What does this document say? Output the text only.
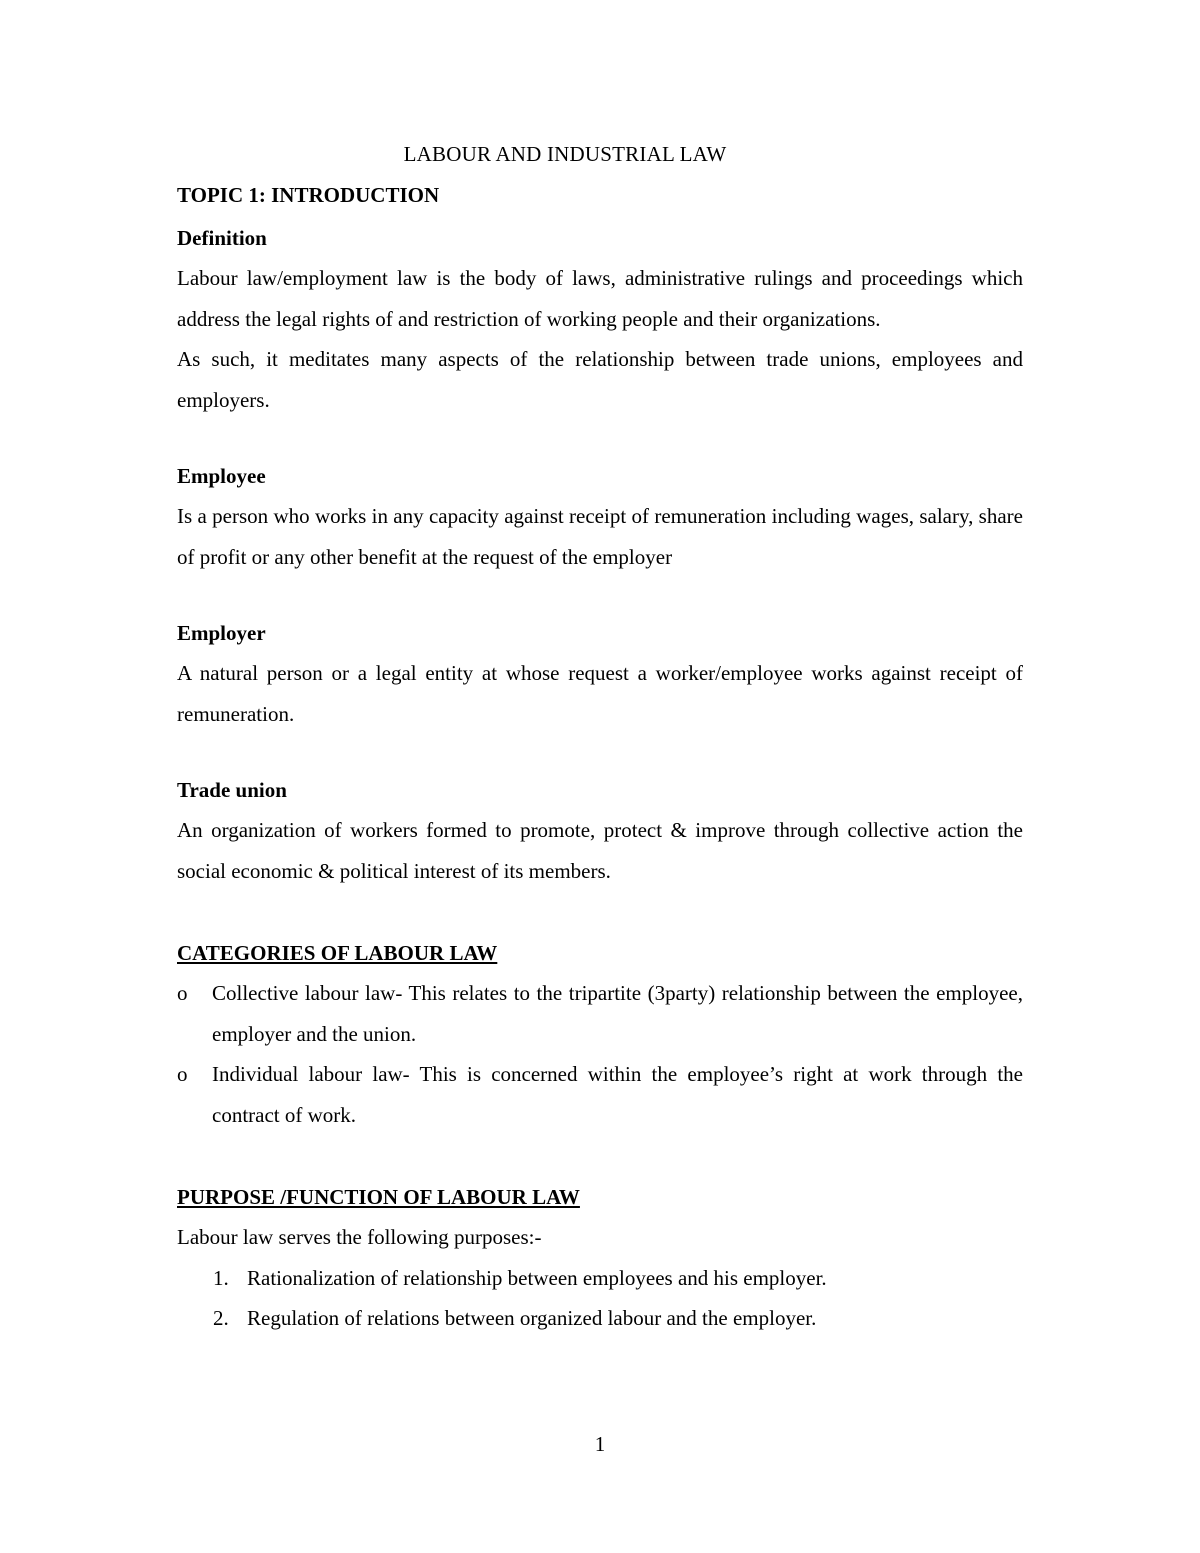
LABOUR AND INDUSTRIAL LAW
TOPIC 1: INTRODUCTION

Definition

Labour law/employment law is the body of laws, administrative rulings and proceedings which address the legal rights of and restriction of working people and their organizations.

As such, it meditates many aspects of the relationship between trade unions, employees and employers.

Employee

Is a person who works in any capacity against receipt of remuneration including wages, salary, share of profit or any other benefit at the request of the employer

Employer

A natural person or a legal entity at whose request a worker/employee works against receipt of remuneration.

Trade union

An organization of workers formed to promote, protect & improve through collective action the social economic & political interest of its members.

CATEGORIES OF LABOUR LAW

o Collective labour law- This relates to the tripartite (3party) relationship between the employee, employer and the union.
o Individual labour law- This is concerned within the employee’s right at work through the contract of work.

PURPOSE /FUNCTION OF LABOUR LAW

Labour law serves the following purposes:-

1. Rationalization of relationship between employees and his employer.
2. Regulation of relations between organized labour and the employer.
1
